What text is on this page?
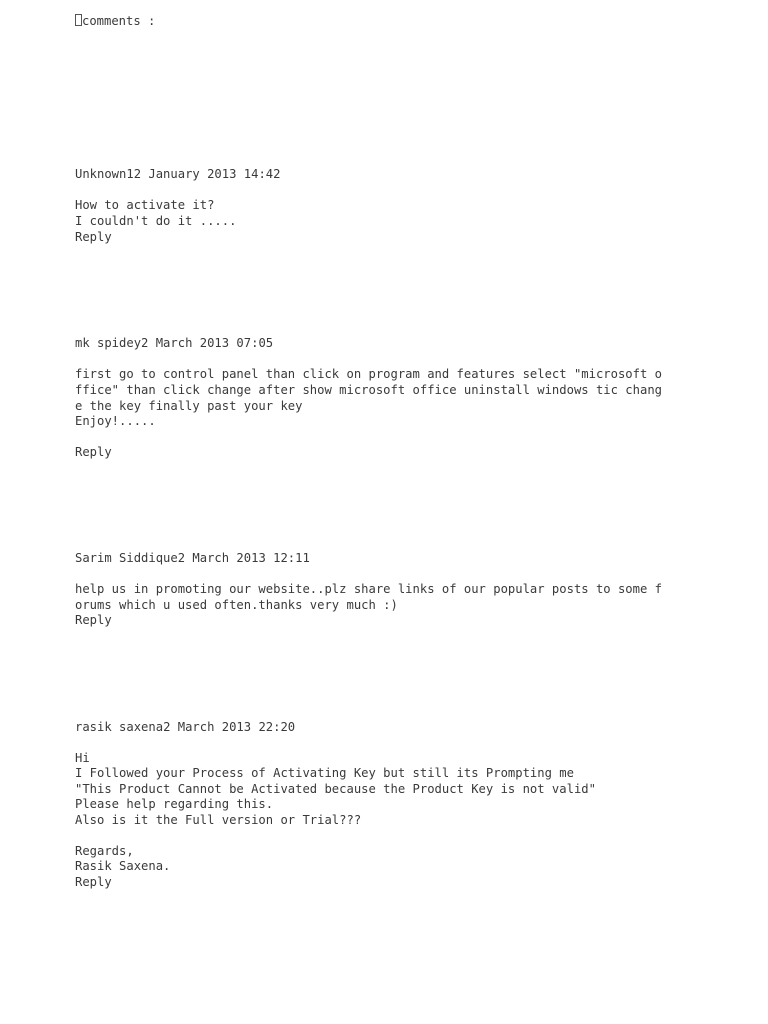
comments :
Unknown12 January 2013 14:42
How to activate it?
I couldn't do it .....
Reply
mk spidey2 March 2013 07:05
first go to control panel than click on program and features select "microsoft o
ffice" than click change after show microsoft office uninstall windows tic chang
e the key finally past your key
Enjoy!.....
Reply
Sarim Siddique2 March 2013 12:11
help us in promoting our website..plz share links of our popular posts to some f
orums which u used often.thanks very much :)
Reply
rasik saxena2 March 2013 22:20
Hi
I Followed your Process of Activating Key but still its Prompting me
"This Product Cannot be Activated because the Product Key is not valid"
Please help regarding this.
Also is it the Full version or Trial???
Regards,
Rasik Saxena.
Reply
